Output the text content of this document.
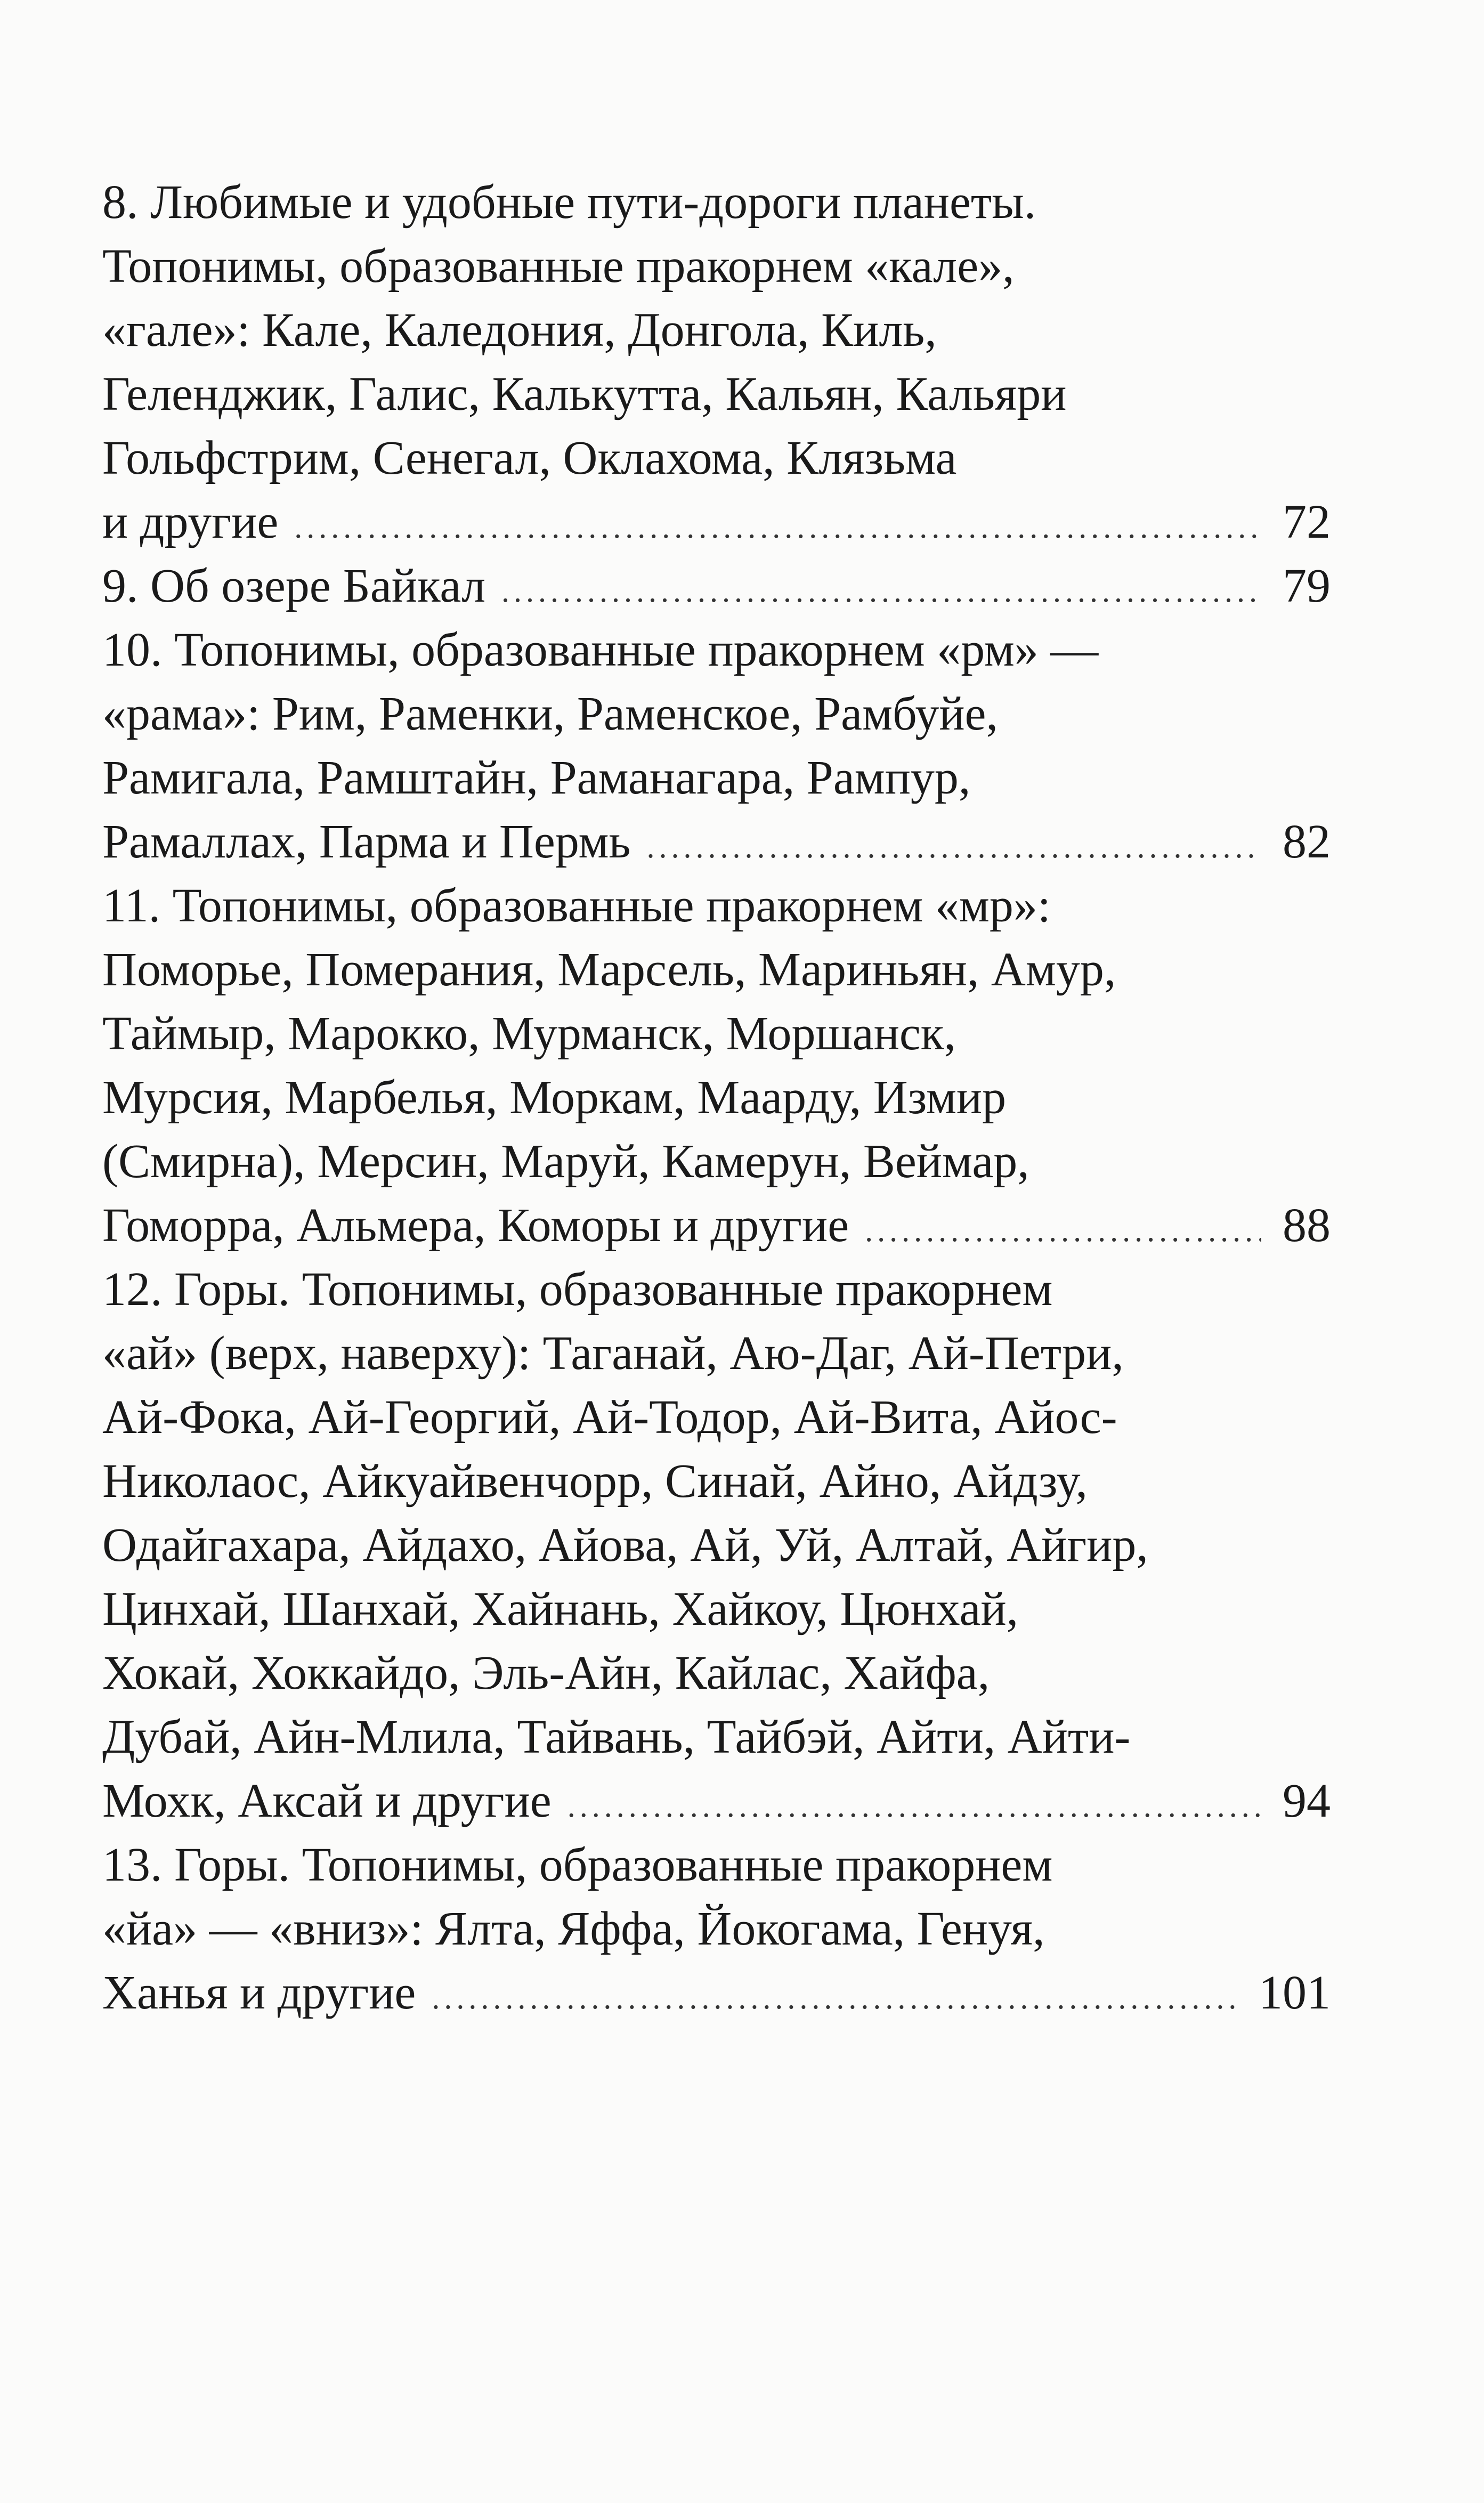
8. Любимые и удобные пути-дороги планеты.
Топонимы, образованные пракорнем «кале»,
«гале»: Кале, Каледония, Донгола, Киль,
Геленджик, Галис, Калькутта, Кальян, Кальяри
Гольфстрим, Сенегал, Оклахома, Клязьма
и другие .....	72
9. Об озере Байкал .....	79
10. Топонимы, образованные пракорнем «рм» —
«рама»: Рим, Раменки, Раменское, Рамбуйе,
Рамигала, Рамштайн, Раманагара, Рампур,
Рамаллах, Парма и Пермь .....	82
11. Топонимы, образованные пракорнем «мр»:
Поморье, Померания, Марсель, Мариньян, Амур,
Таймыр, Марокко, Мурманск, Моршанск,
Мурсия, Марбелья, Моркам, Маарду, Измир
(Смирна), Мерсин, Маруй, Камерун, Веймар,
Гоморра, Альмера, Коморы и другие .....	88
12. Горы. Топонимы, образованные пракорнем
«ай» (верх, наверху): Таганай, Аю-Даг, Ай-Петри,
Ай-Фока, Ай-Георгий, Ай-Тодор, Ай-Вита, Айос-
Николаос, Айкуайвенчорр, Синай, Айно, Айдзу,
Одайгахара, Айдахо, Айова, Ай, Уй, Алтай, Айгир,
Цинхай, Шанхай, Хайнань, Хайкоу, Цюнхай,
Хокай, Хоккайдо, Эль-Айн, Кайлас, Хайфа,
Дубай, Айн-Млила, Тайвань, Тайбэй, Айти, Айти-
Мохк, Аксай и другие .....	94
13. Горы. Топонимы, образованные пракорнем
«йа» — «вниз»: Ялта, Яффа, Йокогама, Генуя,
Ханья и другие .....	101
